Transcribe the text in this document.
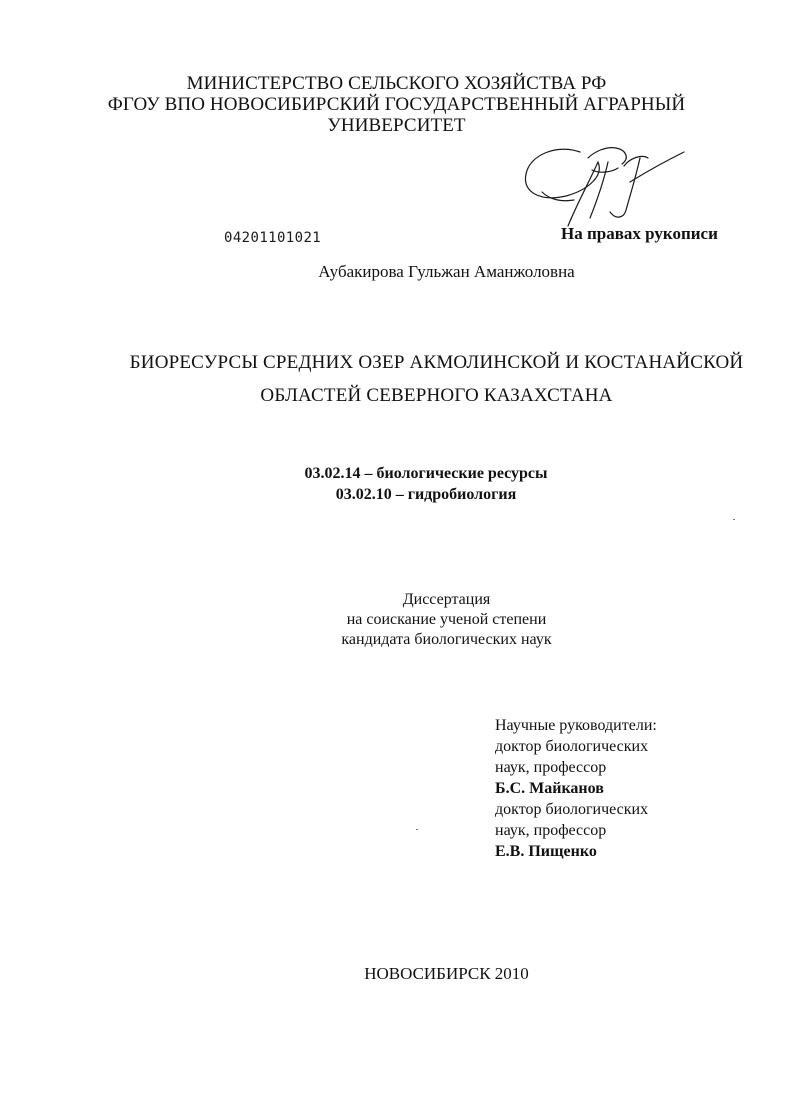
МИНИСТЕРСТВО СЕЛЬСКОГО ХОЗЯЙСТВА РФ
ФГОУ ВПО НОВОСИБИРСКИЙ ГОСУДАРСТВЕННЫЙ АГРАРНЫЙ
УНИВЕРСИТЕТ
04201101021	На правах рукописи
Аубакирова Гульжан Аманжоловна
БИОРЕСУРСЫ СРЕДНИХ ОЗЕР АКМОЛИНСКОЙ И КОСТАНАЙСКОЙ
ОБЛАСТЕЙ СЕВЕРНОГО КАЗАХСТАНА
03.02.14 – биологические ресурсы
03.02.10 – гидробиология
Диссертация
на соискание ученой степени
кандидата биологических наук
Научные руководители:
доктор биологических
наук, профессор
Б.С. Майканов
доктор биологических
наук, профессор
Е.В. Пищенко
НОВОСИБИРСК 2010
